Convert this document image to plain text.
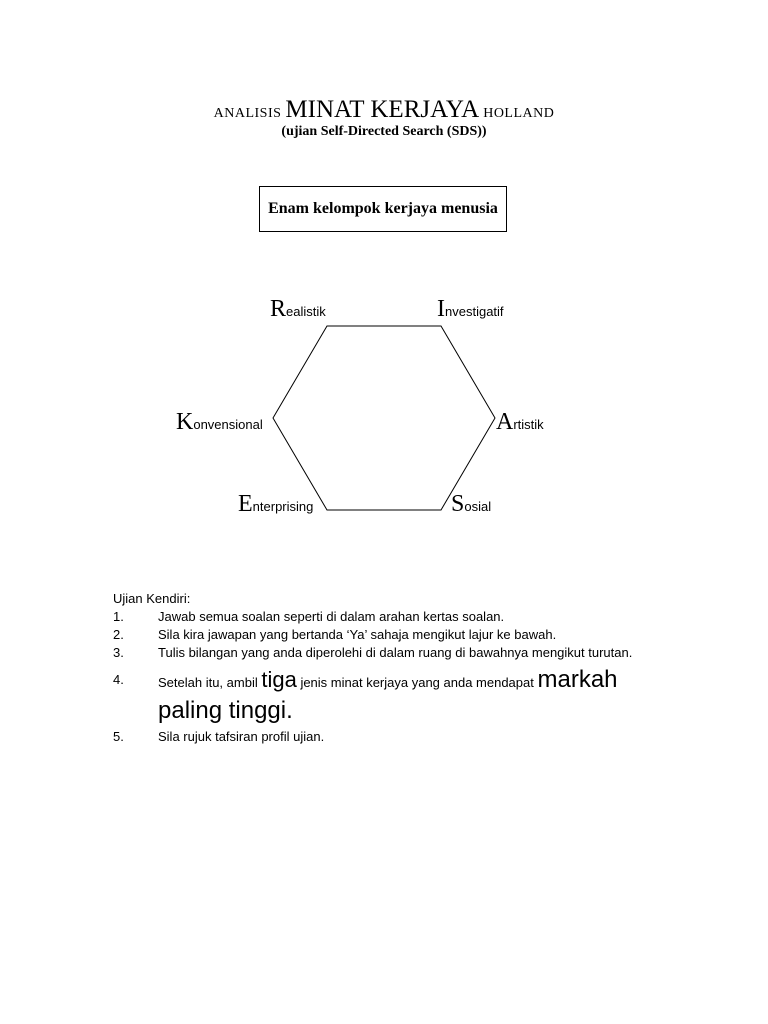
ANALISIS MINAT KERJAYA HOLLAND
(ujian Self-Directed Search (SDS))
Enam kelompok kerjaya menusia
Realistik	Investigatif
Artistik
Konvensional
Enterprising	Sosial
Ujian Kendiri:
1.	Jawab semua soalan seperti di dalam arahan kertas soalan.
2.	Sila kira jawapan yang bertanda ‘Ya’ sahaja mengikut lajur ke bawah.
3.	Tulis bilangan yang anda diperolehi di dalam ruang di bawahnya mengikut turutan.
4.	Setelah itu, ambil tiga jenis minat kerjaya yang anda mendapat markah paling tinggi.
5.	Sila rujuk tafsiran profil ujian.
